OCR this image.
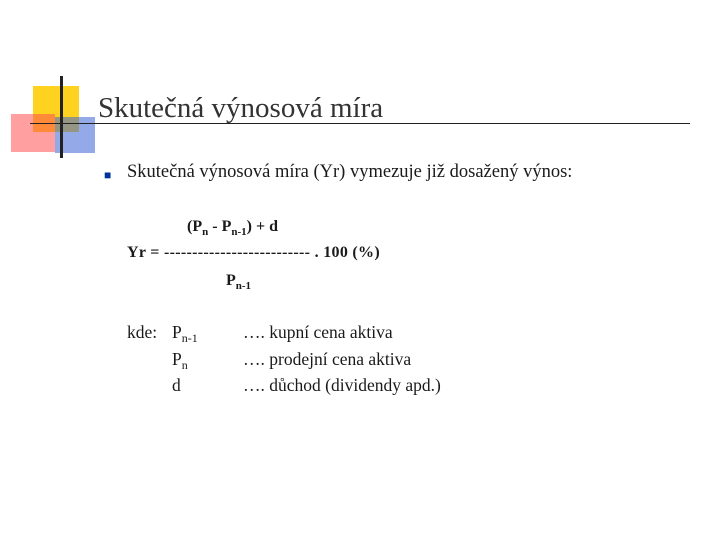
Skutečná výnosová míra
■ Skutečná výnosová míra (Yr) vymezuje již dosažený výnos:
$(P_n - P_{n-1}) + d$
Yr = -------------------------- . 100 (%)
$P_{n-1}$
kde: $P_{n-1}$
$P_n$
d
…. kupní cena aktiva
…. prodejní cena aktiva
…. důchod (dividendy apd.)
